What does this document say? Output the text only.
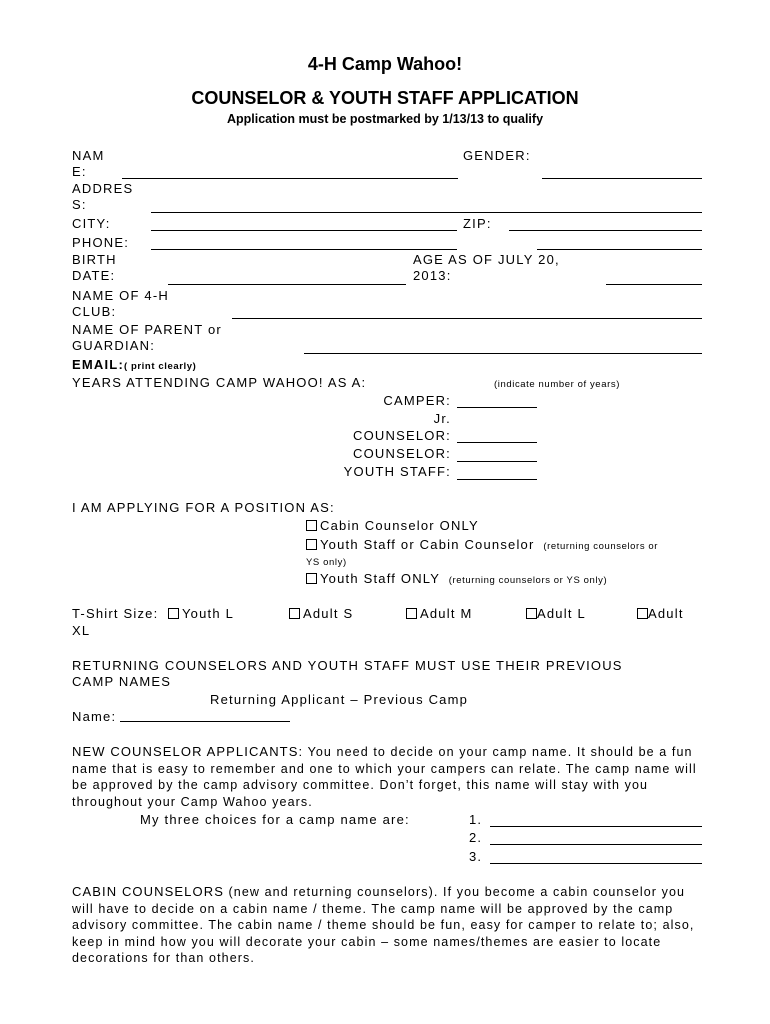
4-H Camp Wahoo!
COUNSELOR & YOUTH STAFF APPLICATION
Application must be postmarked by 1/13/13 to qualify
NAM
E:
GENDER:
ADDRES
S:
CITY:	ZIP:
PHONE:
BIRTH
DATE:
AGE AS OF JULY 20,
2013:
NAME OF 4-H
CLUB:
NAME OF PARENT or
GUARDIAN:
EMAIL:( print clearly)
YEARS ATTENDING CAMP WAHOO! AS A:	(indicate number of years)
CAMPER:
Jr.
COUNSELOR:
COUNSELOR:
YOUTH STAFF:
I AM APPLYING FOR A POSITION AS:
Cabin Counselor ONLY
Youth Staff or Cabin Counselor (returning counselors or
YS only)
Youth Staff ONLY (returning counselors or YS only)
T-Shirt Size:	Youth L	Adult S	Adult M	Adult L	Adult
XL
RETURNING COUNSELORS AND YOUTH STAFF MUST USE THEIR PREVIOUS
CAMP NAMES
Returning Applicant – Previous Camp
Name:
NEW COUNSELOR APPLICANTS: You need to decide on your camp name. It should be a fun name that is easy to remember and one to which your campers can relate. The camp name will be approved by the camp advisory committee. Don’t forget, this name will stay with you throughout your Camp Wahoo years.
My three choices for a camp name are:	1.
2.
3.
CABIN COUNSELORS (new and returning counselors). If you become a cabin counselor you will have to decide on a cabin name / theme. The camp name will be approved by the camp advisory committee. The cabin name / theme should be fun, easy for camper to relate to; also, keep in mind how you will decorate your cabin – some names/themes are easier to locate decorations for than others.
